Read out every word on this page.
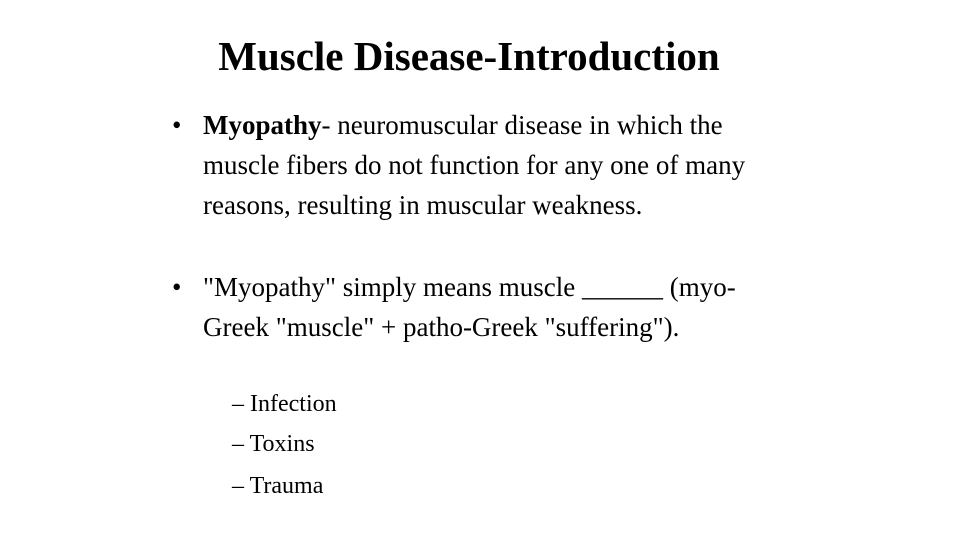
Muscle Disease-Introduction
• Myopathy- neuromuscular disease in which the muscle fibers do not function for any one of many reasons, resulting in muscular weakness.
• "Myopathy" simply means muscle ______ (myo- Greek "muscle" + patho-Greek "suffering").
– Infection
– Toxins
– Trauma
